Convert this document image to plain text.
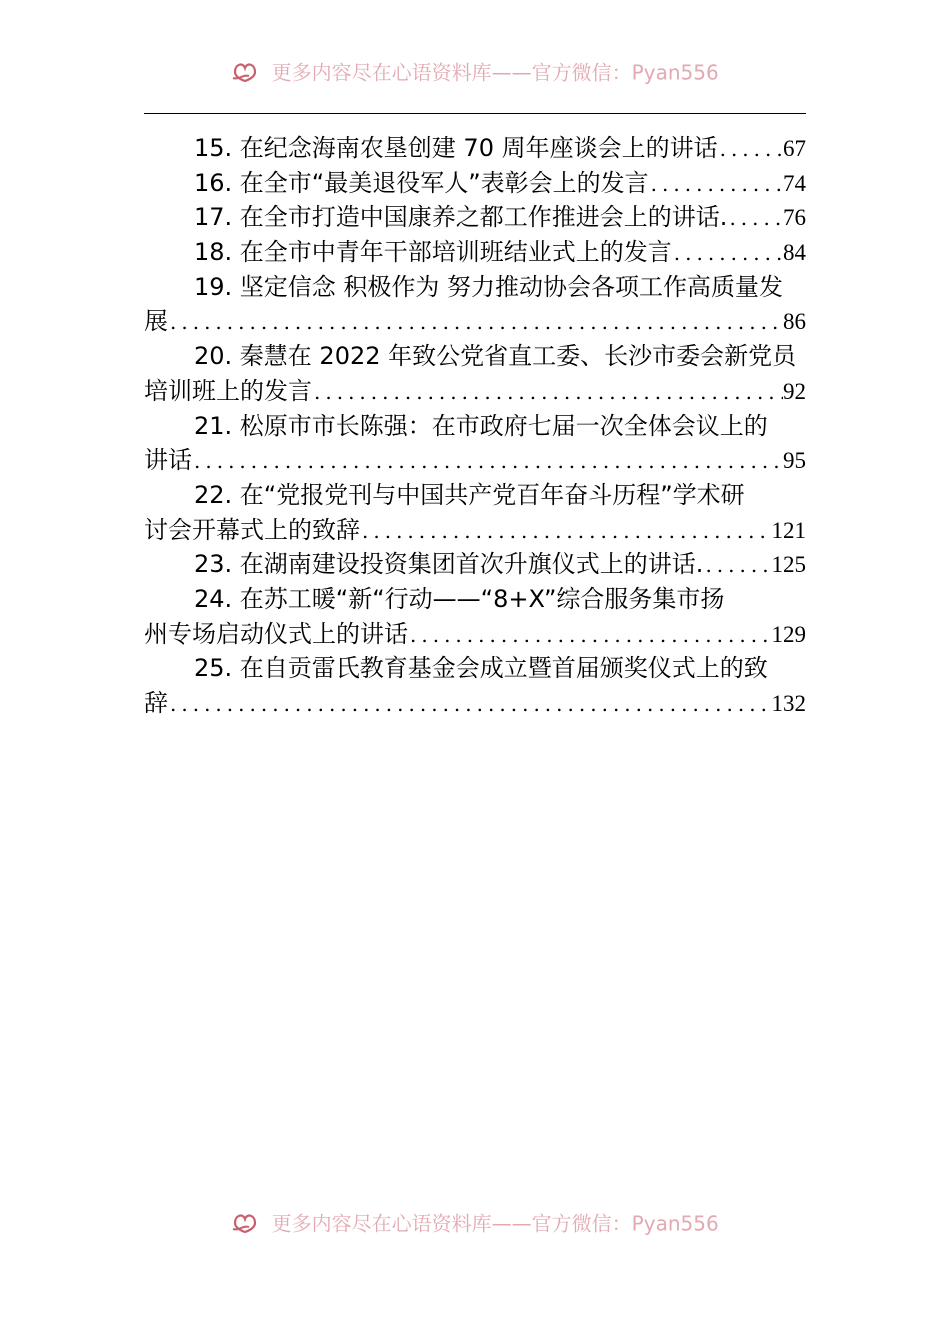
更多内容尽在心语资料库——官方微信：Pyan556
15. 在纪念海南农垦创建 70 周年座谈会上的讲话 .....	67
16. 在全市“最美退役军人”表彰会上的发言 .....	74
17. 在全市打造中国康养之都工作推进会上的讲话. ..... 76
18. 在全市中青年干部培训班结业式上的发言 .....	84
19. 坚定信念 积极作为 努力推动协会各项工作高质量发
展 .....	86
20. 秦慧在 2022 年致公党省直工委、长沙市委会新党员
培训班上的发言 .....	92
21. 松原市市长陈强：在市政府七届一次全体会议上的
讲话 .....	95
22. 在“党报党刊与中国共产党百年奋斗历程”学术研
讨会开幕式上的致辞 .....	121
23. 在湖南建设投资集团首次升旗仪式上的讲话. .....	125
24. 在苏工暖“新“行动——“8+X”综合服务集市扬
州专场启动仪式上的讲话 .....	129
25. 在自贡雷氏教育基金会成立暨首届颁奖仪式上的致
辞 .....	132
更多内容尽在心语资料库——官方微信：Pyan556
